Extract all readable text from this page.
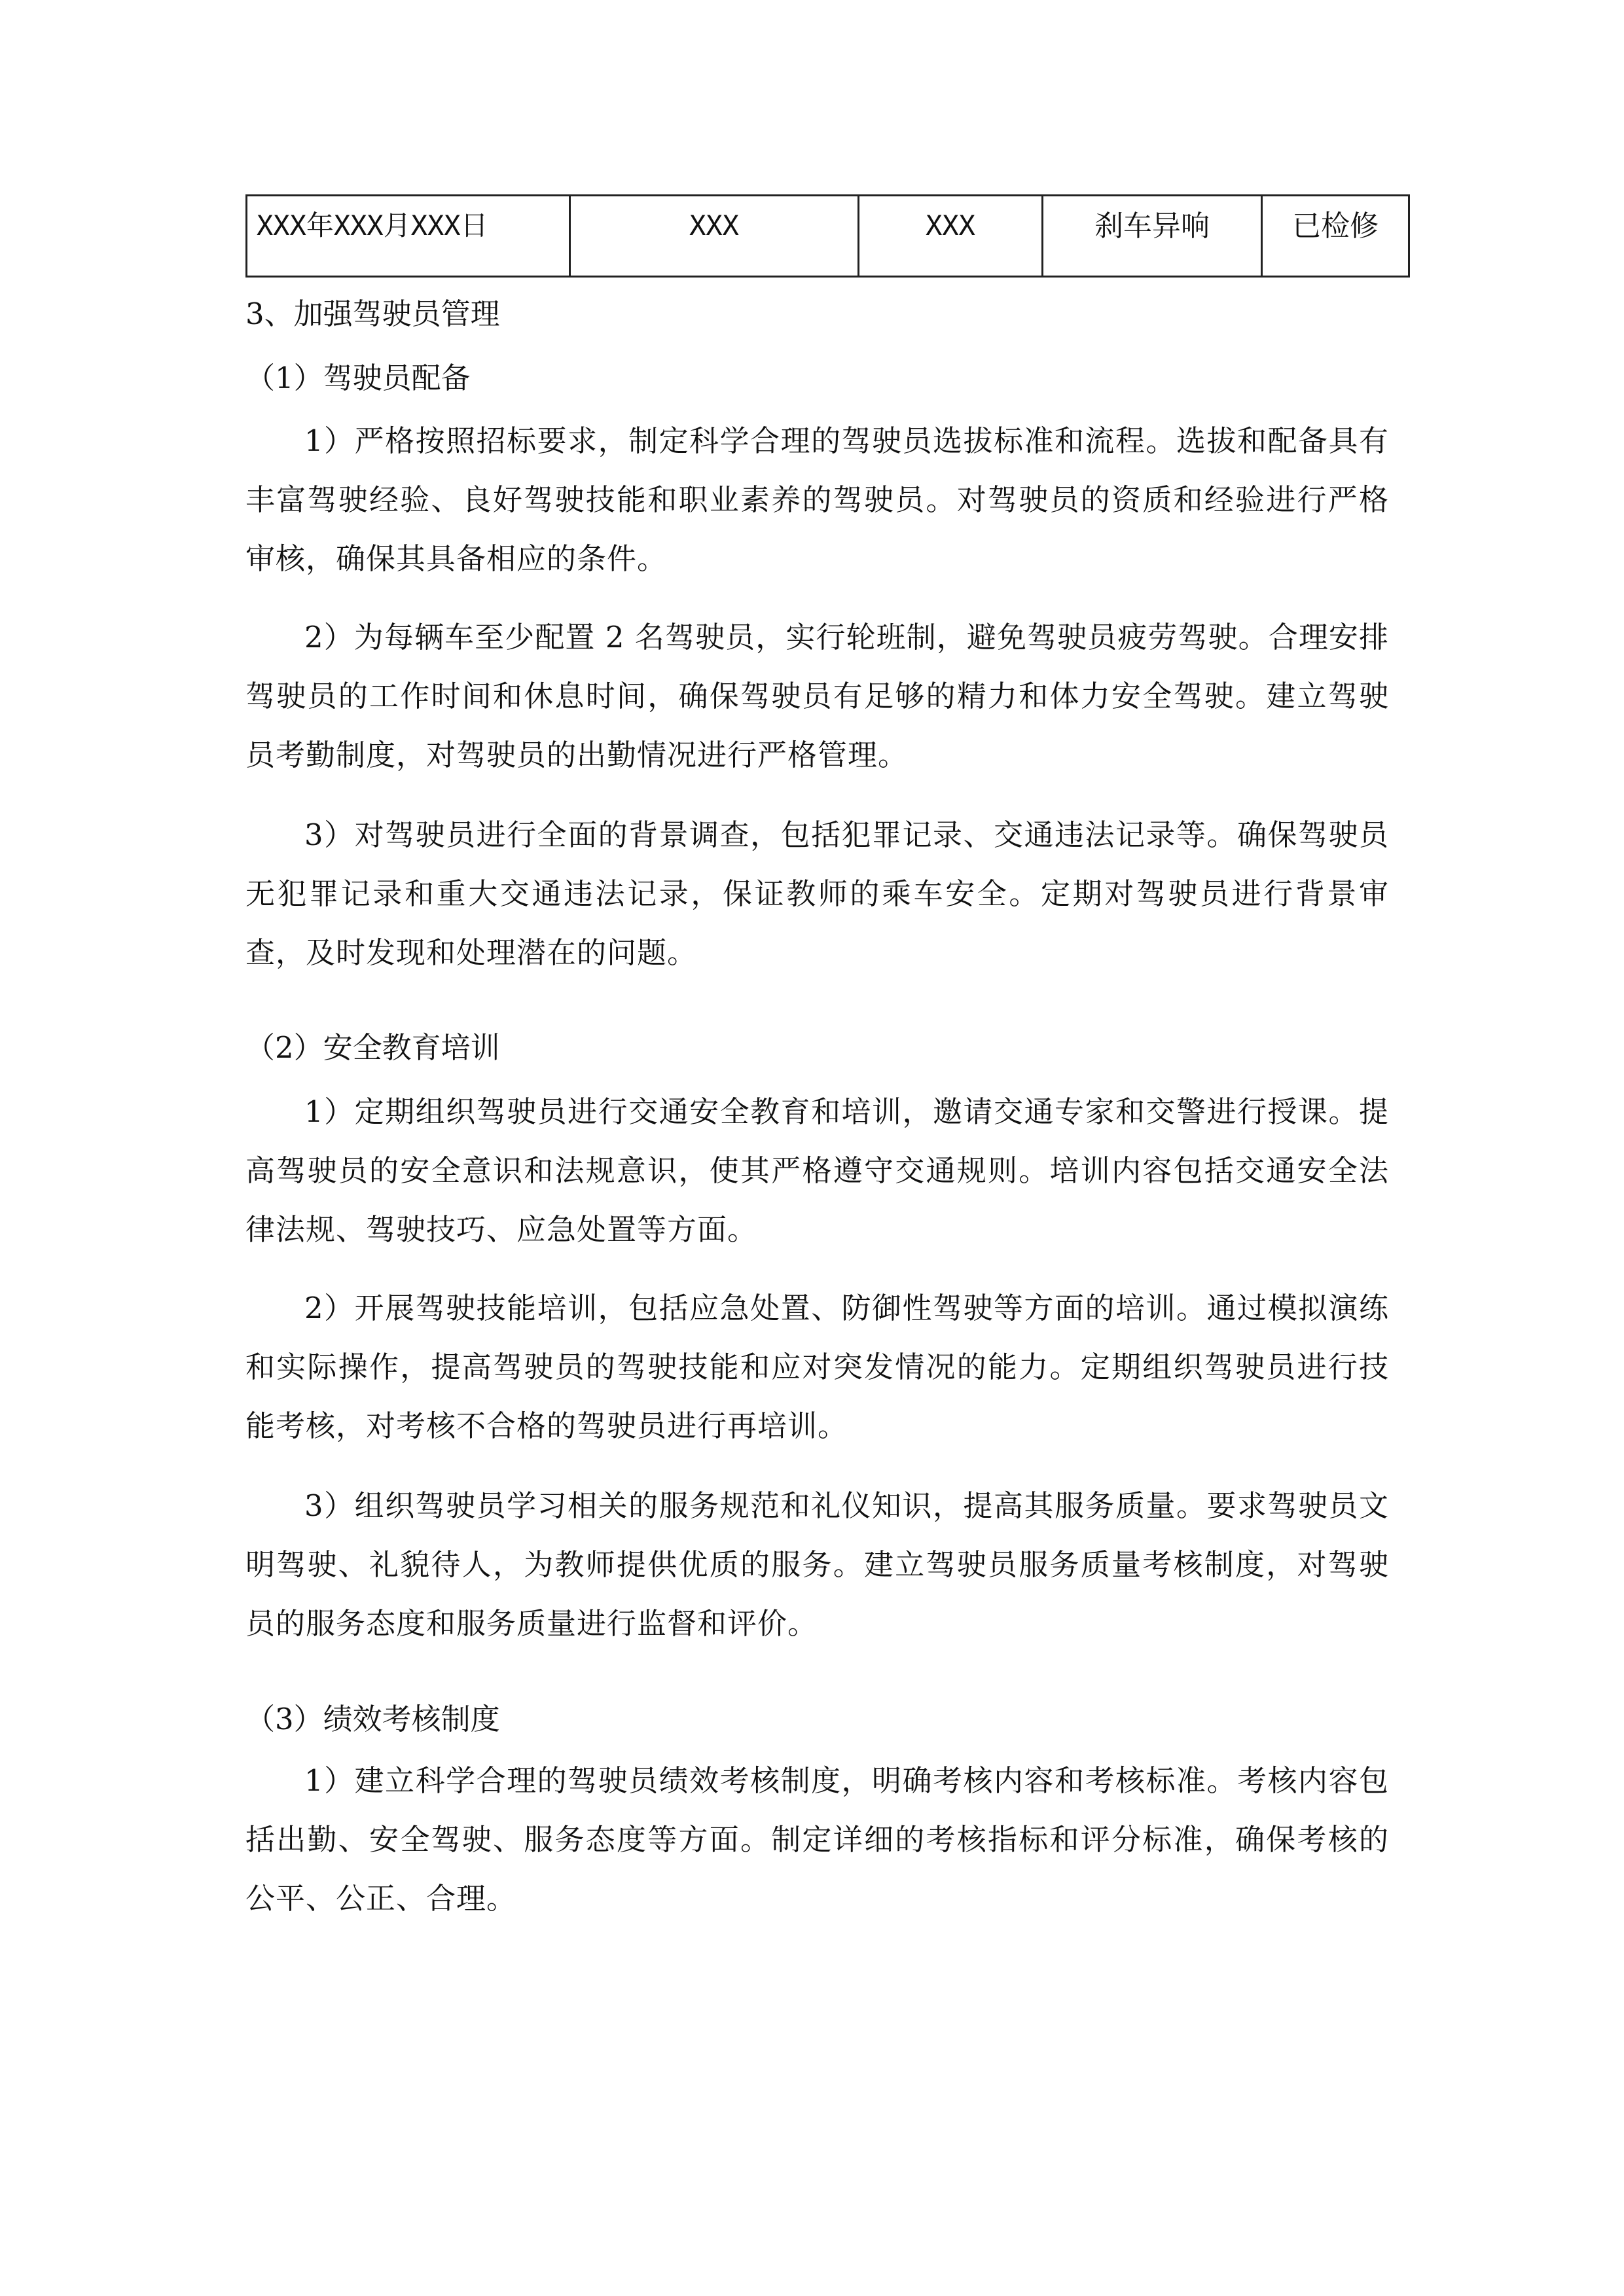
XXX年XXX月XXX日	XXX	XXX	刹车异响	已检修
3、加强驾驶员管理
（1）驾驶员配备
1）严格按照招标要求，制定科学合理的驾驶员选拔标准和流程。选拔和配备具有丰富驾驶经验、良好驾驶技能和职业素养的驾驶员。对驾驶员的资质和经验进行严格审核，确保其具备相应的条件。
2）为每辆车至少配置 2 名驾驶员，实行轮班制，避免驾驶员疲劳驾驶。合理安排驾驶员的工作时间和休息时间，确保驾驶员有足够的精力和体力安全驾驶。建立驾驶员考勤制度，对驾驶员的出勤情况进行严格管理。
3）对驾驶员进行全面的背景调查，包括犯罪记录、交通违法记录等。确保驾驶员无犯罪记录和重大交通违法记录，保证教师的乘车安全。定期对驾驶员进行背景审查，及时发现和处理潜在的问题。
（2）安全教育培训
1）定期组织驾驶员进行交通安全教育和培训，邀请交通专家和交警进行授课。提高驾驶员的安全意识和法规意识，使其严格遵守交通规则。培训内容包括交通安全法律法规、驾驶技巧、应急处置等方面。
2）开展驾驶技能培训，包括应急处置、防御性驾驶等方面的培训。通过模拟演练和实际操作，提高驾驶员的驾驶技能和应对突发情况的能力。定期组织驾驶员进行技能考核，对考核不合格的驾驶员进行再培训。
3）组织驾驶员学习相关的服务规范和礼仪知识，提高其服务质量。要求驾驶员文明驾驶、礼貌待人，为教师提供优质的服务。建立驾驶员服务质量考核制度，对驾驶员的服务态度和服务质量进行监督和评价。
（3）绩效考核制度
1）建立科学合理的驾驶员绩效考核制度，明确考核内容和考核标准。考核内容包括出勤、安全驾驶、服务态度等方面。制定详细的考核指标和评分标准，确保考核的公平、公正、合理。
